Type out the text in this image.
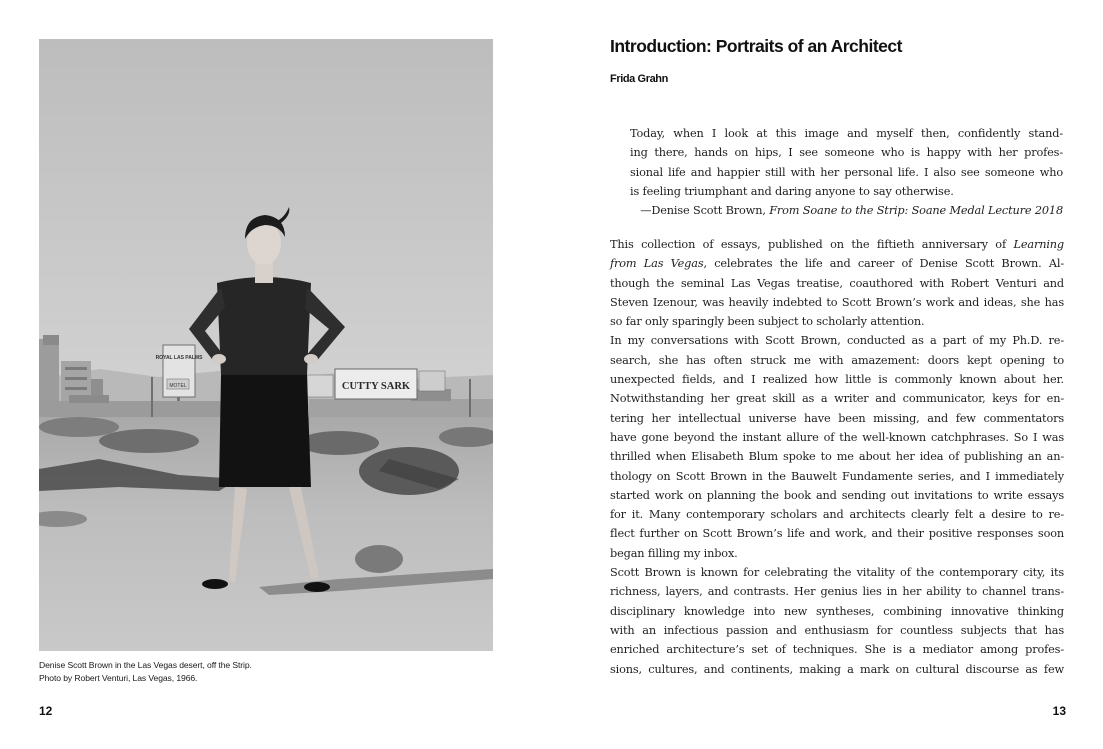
ROYAL LAS PALMS
MOTEL	CUTTY SARK
Denise Scott Brown in the Las Vegas desert, off the Strip.
Photo by Robert Venturi, Las Vegas, 1966.
12
Introduction: Portraits of an Architect
Frida Grahn
Today, when I look at this image and myself then, confidently stand-
ing there, hands on hips, I see someone who is happy with her profes-
sional life and happier still with her personal life. I also see someone who
is feeling triumphant and daring anyone to say otherwise.
—Denise Scott Brown, From Soane to the Strip: Soane Medal Lecture 2018
This collection of essays, published on the fiftieth anniversary of Learning
from Las Vegas, celebrates the life and career of Denise Scott Brown. Al-
though the seminal Las Vegas treatise, coauthored with Robert Venturi and
Steven Izenour, was heavily indebted to Scott Brown’s work and ideas, she has
so far only sparingly been subject to scholarly attention.
In my conversations with Scott Brown, conducted as a part of my Ph.D. re-
search, she has often struck me with amazement: doors kept opening to
unexpected fields, and I realized how little is commonly known about her.
Notwithstanding her great skill as a writer and communicator, keys for en-
tering her intellectual universe have been missing, and few commentators
have gone beyond the instant allure of the well-known catchphrases. So I was
thrilled when Elisabeth Blum spoke to me about her idea of publishing an an-
thology on Scott Brown in the Bauwelt Fundamente series, and I immediately
started work on planning the book and sending out invitations to write essays
for it. Many contemporary scholars and architects clearly felt a desire to re-
flect further on Scott Brown’s life and work, and their positive responses soon
began filling my inbox.
Scott Brown is known for celebrating the vitality of the contemporary city, its
richness, layers, and contrasts. Her genius lies in her ability to channel trans-
disciplinary knowledge into new syntheses, combining innovative thinking
with an infectious passion and enthusiasm for countless subjects that has
enriched architecture’s set of techniques. She is a mediator among profes-
sions, cultures, and continents, making a mark on cultural discourse as few
13
